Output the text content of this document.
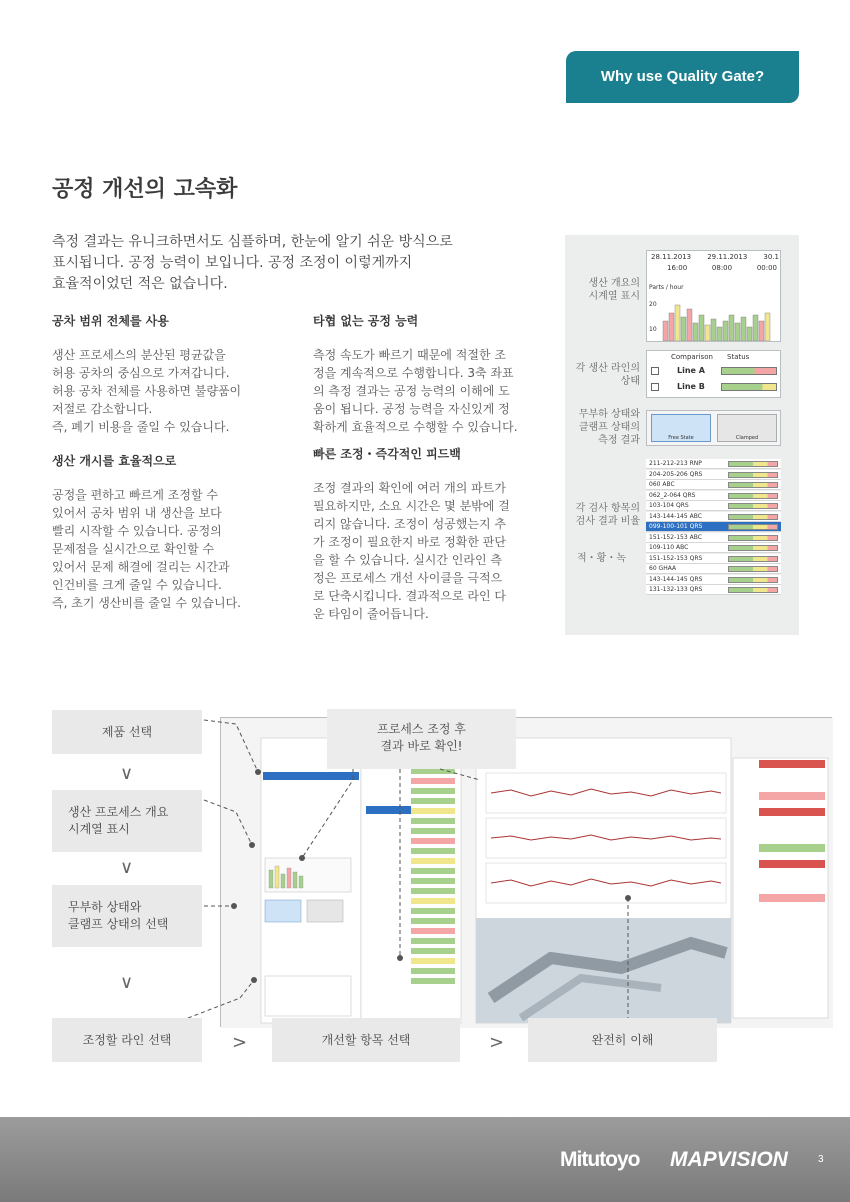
Why use Quality Gate?
공정 개선의 고속화
측정 결과는 유니크하면서도 심플하며, 한눈에 알기 쉬운 방식으로
표시됩니다. 공정 능력이 보입니다. 공정 조정이 이렇게까지
효율적이었던 적은 없습니다.
공차 범위 전체를 사용

생산 프로세스의 분산된 평균값을

허용 공차의 중심으로 가져갑니다.

허용 공차 전체를 사용하면 불량품이

저절로 감소합니다.

즉, 폐기 비용을 줄일 수 있습니다.

생산 개시를 효율적으로

공정을 편하고 빠르게 조정할 수

있어서 공차 범위 내 생산을 보다

빨리 시작할 수 있습니다. 공정의

문제점을 실시간으로 확인할 수

있어서 문제 해결에 걸리는 시간과

인건비를 크게 줄일 수 있습니다.

즉, 초기 생산비를 줄일 수 있습니다.

타협 없는 공정 능력

측정 속도가 빠르기 때문에 적절한 조

정을 계속적으로 수행합니다. 3축 좌표

의 측정 결과는 공정 능력의 이해에 도

움이 됩니다. 공정 능력을 자신있게 정

확하게 효율적으로 수행할 수 있습니다.

빠른 조정・즉각적인 피드백

조정 결과의 확인에 여러 개의 파트가

필요하지만, 소요 시간은 몇 분밖에 걸

리지 않습니다. 조정이 성공했는지 추

가 조정이 필요한지 바로 정확한 판단

을 할 수 있습니다. 실시간 인라인 측

정은 프로세스 개선 사이클을 극적으

로 단축시킵니다. 결과적으로 라인 다

운 타임이 줄어듭니다.

생산 개요의
시계열 표시
각 생산 라인의
상태
무부하 상태와
클램프 상태의
측정 결과
각 검사 항목의
검사 결과 비율
적・황・녹
28.11.2013 29.11.2013 30.1
16:00	08:00	00:00
Parts / hour
20
10
Comparison Status
Line A
Line B
Free State	Clamped
211-212-213 RNP
204-205-206 QRS
060 ABC
062_2-064 QRS
103-104 QRS
143-144-145 ABC
099-100-101 QRS
151-152-153 ABC
109-110 ABC
151-152-153 QRS
60 GHAA
143-144-145 QRS
131-132-133 QRS
제품 선택
∨
생산 프로세스 개요
시계열 표시
∨
무부하 상태와
클램프 상태의 선택
∨
프로세스 조정 후
결과 바로 확인!
조정할 라인 선택	>	개선할 항목 선택	>	완전히 이해
Mitutoyo MAPVISION	3
